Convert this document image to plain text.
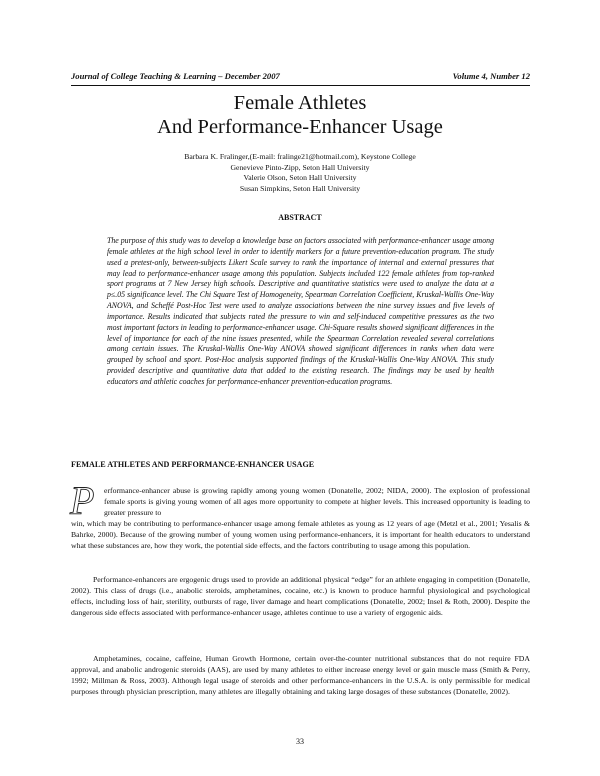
Journal of College Teaching & Learning – December 2007	Volume 4, Number 12
Female Athletes
And Performance-Enhancer Usage
Barbara K. Fralinger,(E-mail: fralinge21@hotmail.com), Keystone College
Genevieve Pinto-Zipp, Seton Hall University
Valerie Olson, Seton Hall University
Susan Simpkins, Seton Hall University
ABSTRACT
The purpose of this study was to develop a knowledge base on factors associated with performance-enhancer usage among female athletes at the high school level in order to identify markers for a future prevention-education program. The study used a pretest-only, between-subjects Likert Scale survey to rank the importance of internal and external pressures that may lead to performance-enhancer usage among this population. Subjects included 122 female athletes from top-ranked sport programs at 7 New Jersey high schools. Descriptive and quantitative statistics were used to analyze the data at a p≤.05 significance level. The Chi Square Test of Homogeneity, Spearman Correlation Coefficient, Kruskal-Wallis One-Way ANOVA, and Scheffé Post-Hoc Test were used to analyze associations between the nine survey issues and five levels of importance. Results indicated that subjects rated the pressure to win and self-induced competitive pressures as the two most important factors in leading to performance-enhancer usage. Chi-Square results showed significant differences in the level of importance for each of the nine issues presented, while the Spearman Correlation revealed several correlations among certain issues. The Kruskal-Wallis One-Way ANOVA showed significant differences in ranks when data were grouped by school and sport. Post-Hoc analysis supported findings of the Kruskal-Wallis One-Way ANOVA. This study provided descriptive and quantitative data that added to the existing research. The findings may be used by health educators and athletic coaches for performance-enhancer prevention-education programs.
FEMALE ATHLETES AND PERFORMANCE-ENHANCER USAGE
P	erformance-enhancer abuse is growing rapidly among young women (Donatelle, 2002; NIDA, 2000). The explosion of professional female sports is giving young women of all ages more opportunity to compete at higher levels. This increased opportunity is leading to greater pressure to
win, which may be contributing to performance-enhancer usage among female athletes as young as 12 years of age (Metzl et al., 2001; Yesalis & Bahrke, 2000). Because of the growing number of young women using performance-enhancers, it is important for health educators to understand what these substances are, how they work, the potential side effects, and the factors contributing to usage among this population.
Performance-enhancers are ergogenic drugs used to provide an additional physical “edge” for an athlete engaging in competition (Donatelle, 2002). This class of drugs (i.e., anabolic steroids, amphetamines, cocaine, etc.) is known to produce harmful physiological and psychological effects, including loss of hair, sterility, outbursts of rage, liver damage and heart complications (Donatelle, 2002; Insel & Roth, 2000). Despite the dangerous side effects associated with performance-enhancer usage, athletes continue to use a variety of ergogenic aids.
Amphetamines, cocaine, caffeine, Human Growth Hormone, certain over-the-counter nutritional substances that do not require FDA approval, and anabolic androgenic steroids (AAS), are used by many athletes to either increase energy level or gain muscle mass (Smith & Perry, 1992; Millman & Ross, 2003). Although legal usage of steroids and other performance-enhancers in the U.S.A. is only permissible for medical purposes through physician prescription, many athletes are illegally obtaining and taking large dosages of these substances (Donatelle, 2002).
33
